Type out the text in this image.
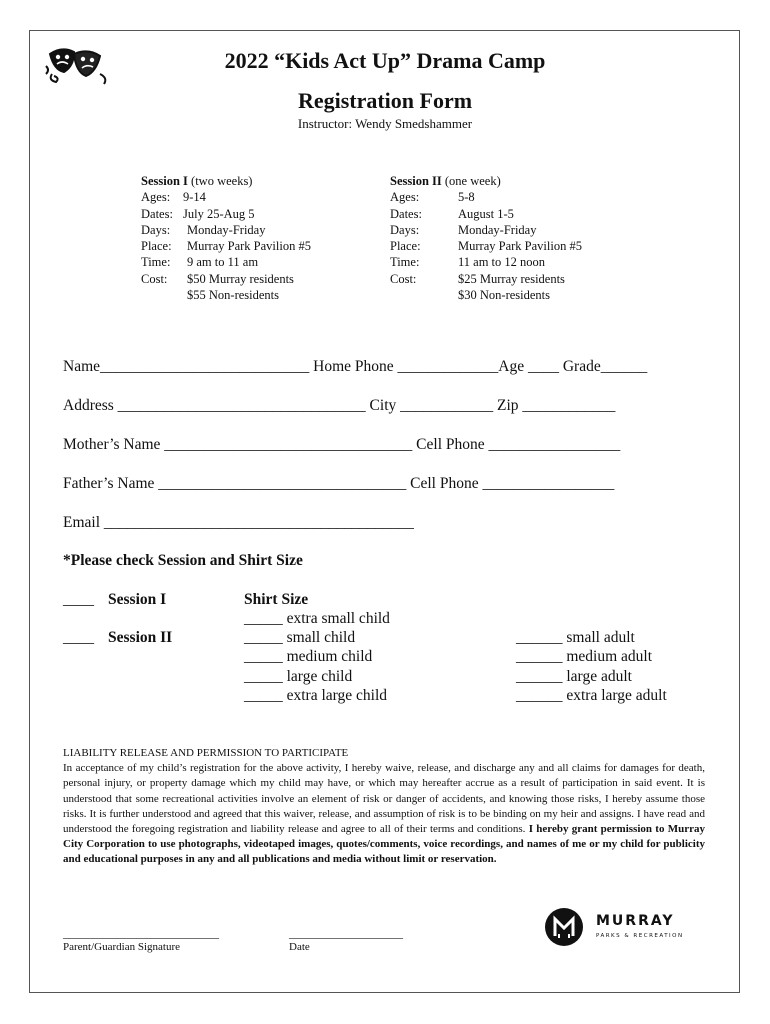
2022 “Kids Act Up” Drama Camp
Registration Form
Instructor: Wendy Smedshammer
Session I (two weeks)
Ages: 9-14
Dates: July 25-Aug 5
Days: Monday-Friday
Place: Murray Park Pavilion #5
Time: 9 am to 11 am
Cost: $50 Murray residents
$55 Non-residents
Session II (one week)
Ages:	5-8
Dates:	August 1-5
Days:	Monday-Friday
Place:	Murray Park Pavilion #5
Time:	11 am to 12 noon
Cost:	$25 Murray residents
$30 Non-residents
Name___________________________ Home Phone _____________Age ____ Grade______
Address ________________________________ City ____________ Zip ____________
Mother’s Name ________________________________ Cell Phone _________________
Father’s Name ________________________________ Cell Phone _________________
Email ________________________________________
*Please check Session and Shirt Size
____ Session I
____ Session II
Shirt Size
_____ extra small child
_____ small child
_____ medium child
_____ large child
_____ extra large child
______ small adult
______ medium adult
______ large adult
______ extra large adult
LIABILITY RELEASE AND PERMISSION TO PARTICIPATE
In acceptance of my child’s registration for the above activity, I hereby waive, release, and discharge any and all claims for damages for death, personal injury, or property damage which my child may have, or which may hereafter accrue as a result of participation in said event. It is understood that some recreational activities involve an element of risk or danger of accidents, and knowing those risks, I hereby assume those risks. It is further understood and agreed that this waiver, release, and assumption of risk is to be binding on my heir and assigns. I have read and understood the foregoing registration and liability release and agree to all of their terms and conditions. I hereby grant permission to Murray City Corporation to use photographs, videotaped images, quotes/comments, voice recordings, and names of me or my child for publicity and educational purposes in any and all publications and media without limit or reservation.
__________________________
Parent/Guardian Signature
___________________
Date
MURRAY
PARKS & RECREATION
